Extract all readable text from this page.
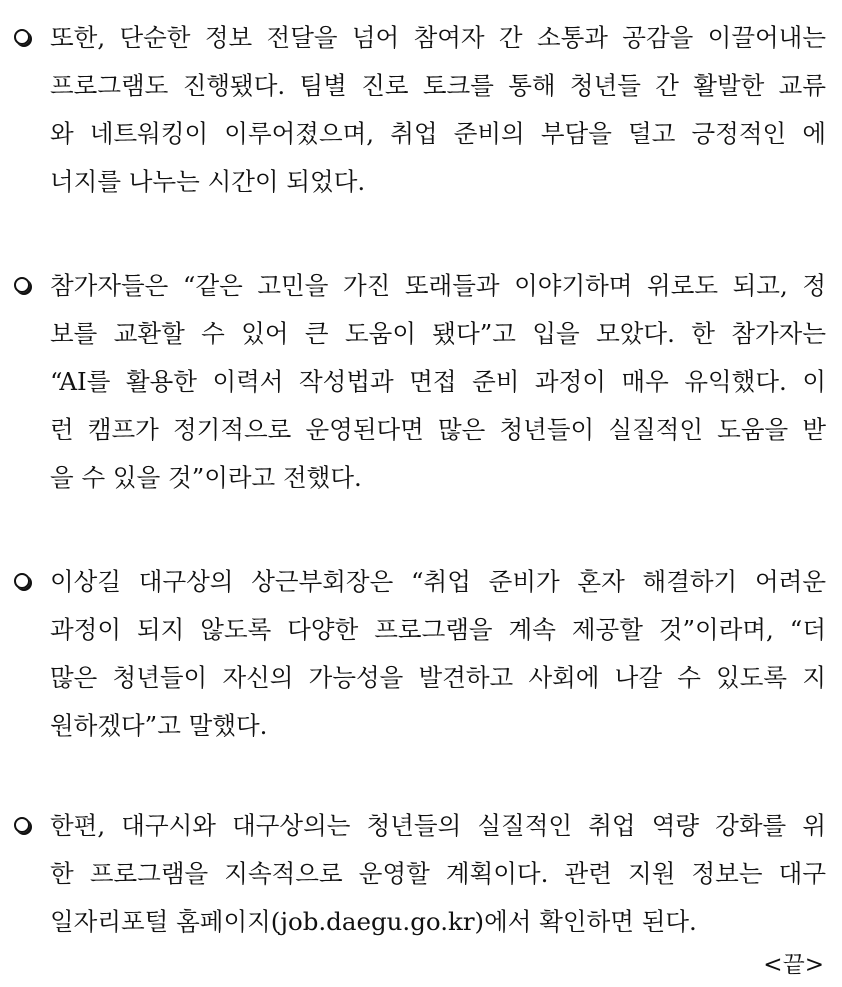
또한, 단순한 정보 전달을 넘어 참여자 간 소통과 공감을 이끌어내는
프로그램도 진행됐다. 팀별 진로 토크를 통해 청년들 간 활발한 교류
와 네트워킹이 이루어졌으며, 취업 준비의 부담을 덜고 긍정적인 에
너지를 나누는 시간이 되었다.
참가자들은 “같은 고민을 가진 또래들과 이야기하며 위로도 되고, 정
보를 교환할 수 있어 큰 도움이 됐다”고 입을 모았다. 한 참가자는
“AI를 활용한 이력서 작성법과 면접 준비 과정이 매우 유익했다. 이
런 캠프가 정기적으로 운영된다면 많은 청년들이 실질적인 도움을 받
을 수 있을 것”이라고 전했다.
이상길 대구상의 상근부회장은 “취업 준비가 혼자 해결하기 어려운
과정이 되지 않도록 다양한 프로그램을 계속 제공할 것”이라며, “더
많은 청년들이 자신의 가능성을 발견하고 사회에 나갈 수 있도록 지
원하겠다”고 말했다.
한편, 대구시와 대구상의는 청년들의 실질적인 취업 역량 강화를 위
한 프로그램을 지속적으로 운영할 계획이다. 관련 지원 정보는 대구
일자리포털 홈페이지(job.daegu.go.kr)에서 확인하면 된다.
<끝>
